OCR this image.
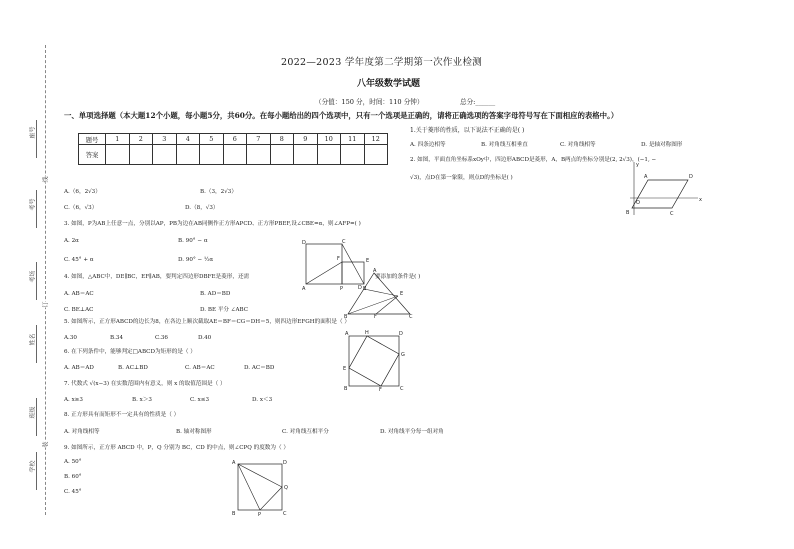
学校
班级
姓名
考场
考号
座号
线
订
装
2022—2023 学年度第二学期第一次作业检测
八年级数学试题
（分值：150 分，时间：110 分钟）	总分:______
一、单项选择题（本大题12个小题，每小题5分，共60分。在每小题给出的四个选项中，只有一个选项是正确的，请将正确选项的答案字母符号写在下面相应的表格中。）
题号	1	2	3	4	5	6	7	8	9	10	11	12
答案												
1.关于菱形的性质，以下说法不正确的是( )
A. 四条边相等	B. 对角线互相垂直	C. 对角线相等	D. 是轴对称图形
2. 如图，平面直角坐标系xOy中，四边形ABCD是菱形，A，B两点的坐标分别是(2, 2√3)，(−1, −
√3)，点D在第一象限，则点D的坐标是( )
A.（6，2√3）	B.（3，2√3）
C.（6，√3）	D.（8，√3）
y
A	D
O	x
B	C
3. 如图，P为AB上任意一点，分别以AP，PB为边在AB同侧作正方形APCD、正方形PBEF,设∠CBE=α，则∠AFP=( )
A. 2α	B. 90° − α
C. 45° + α	D. 90° − ½α
D	C
F	E
A	P
4. 如图，△ABC中，DE∥BC，EF∥AB，要判定四边形DBFE是菱形，还需	要添加的条件是( )
A. AB＝AC	B. AD＝BD
C. BE⊥AC	D. BE 平分 ∠ABC
A
D
E
B	F	C
5. 如图所示，正方形ABCD的边长为8，在各边上顺次截取AE＝BF＝CG＝DH＝5，则四边形EFGH的面积是（ ）
A.30	B.34	C.36	D.40
A	H	D
E
G
B	F	C
6. 在下列条件中，能够判定□ABCD为矩形的是（ ）
A. AB＝AD	B. AC⊥BD	C. AB＝AC	D. AC＝BD
7. 代数式 √(x−3) 在实数范围内有意义，则 x 的取值范围是（ ）
A. x≥3	B. x＞3	C. x≤3	D. x＜3
8. 正方形具有而矩形不一定具有的性质是（ ）
A. 对角线相等	B. 轴对称图形	C. 对角线互相平分	D. 对角线平分每一组对角
9. 如图所示，正方形 ABCD 中，P，Q 分别为 BC，CD 的中点，则∠CPQ 的度数为（ ）
A. 50°
B. 60°
C. 45°
A	D
Q
B	P	C
